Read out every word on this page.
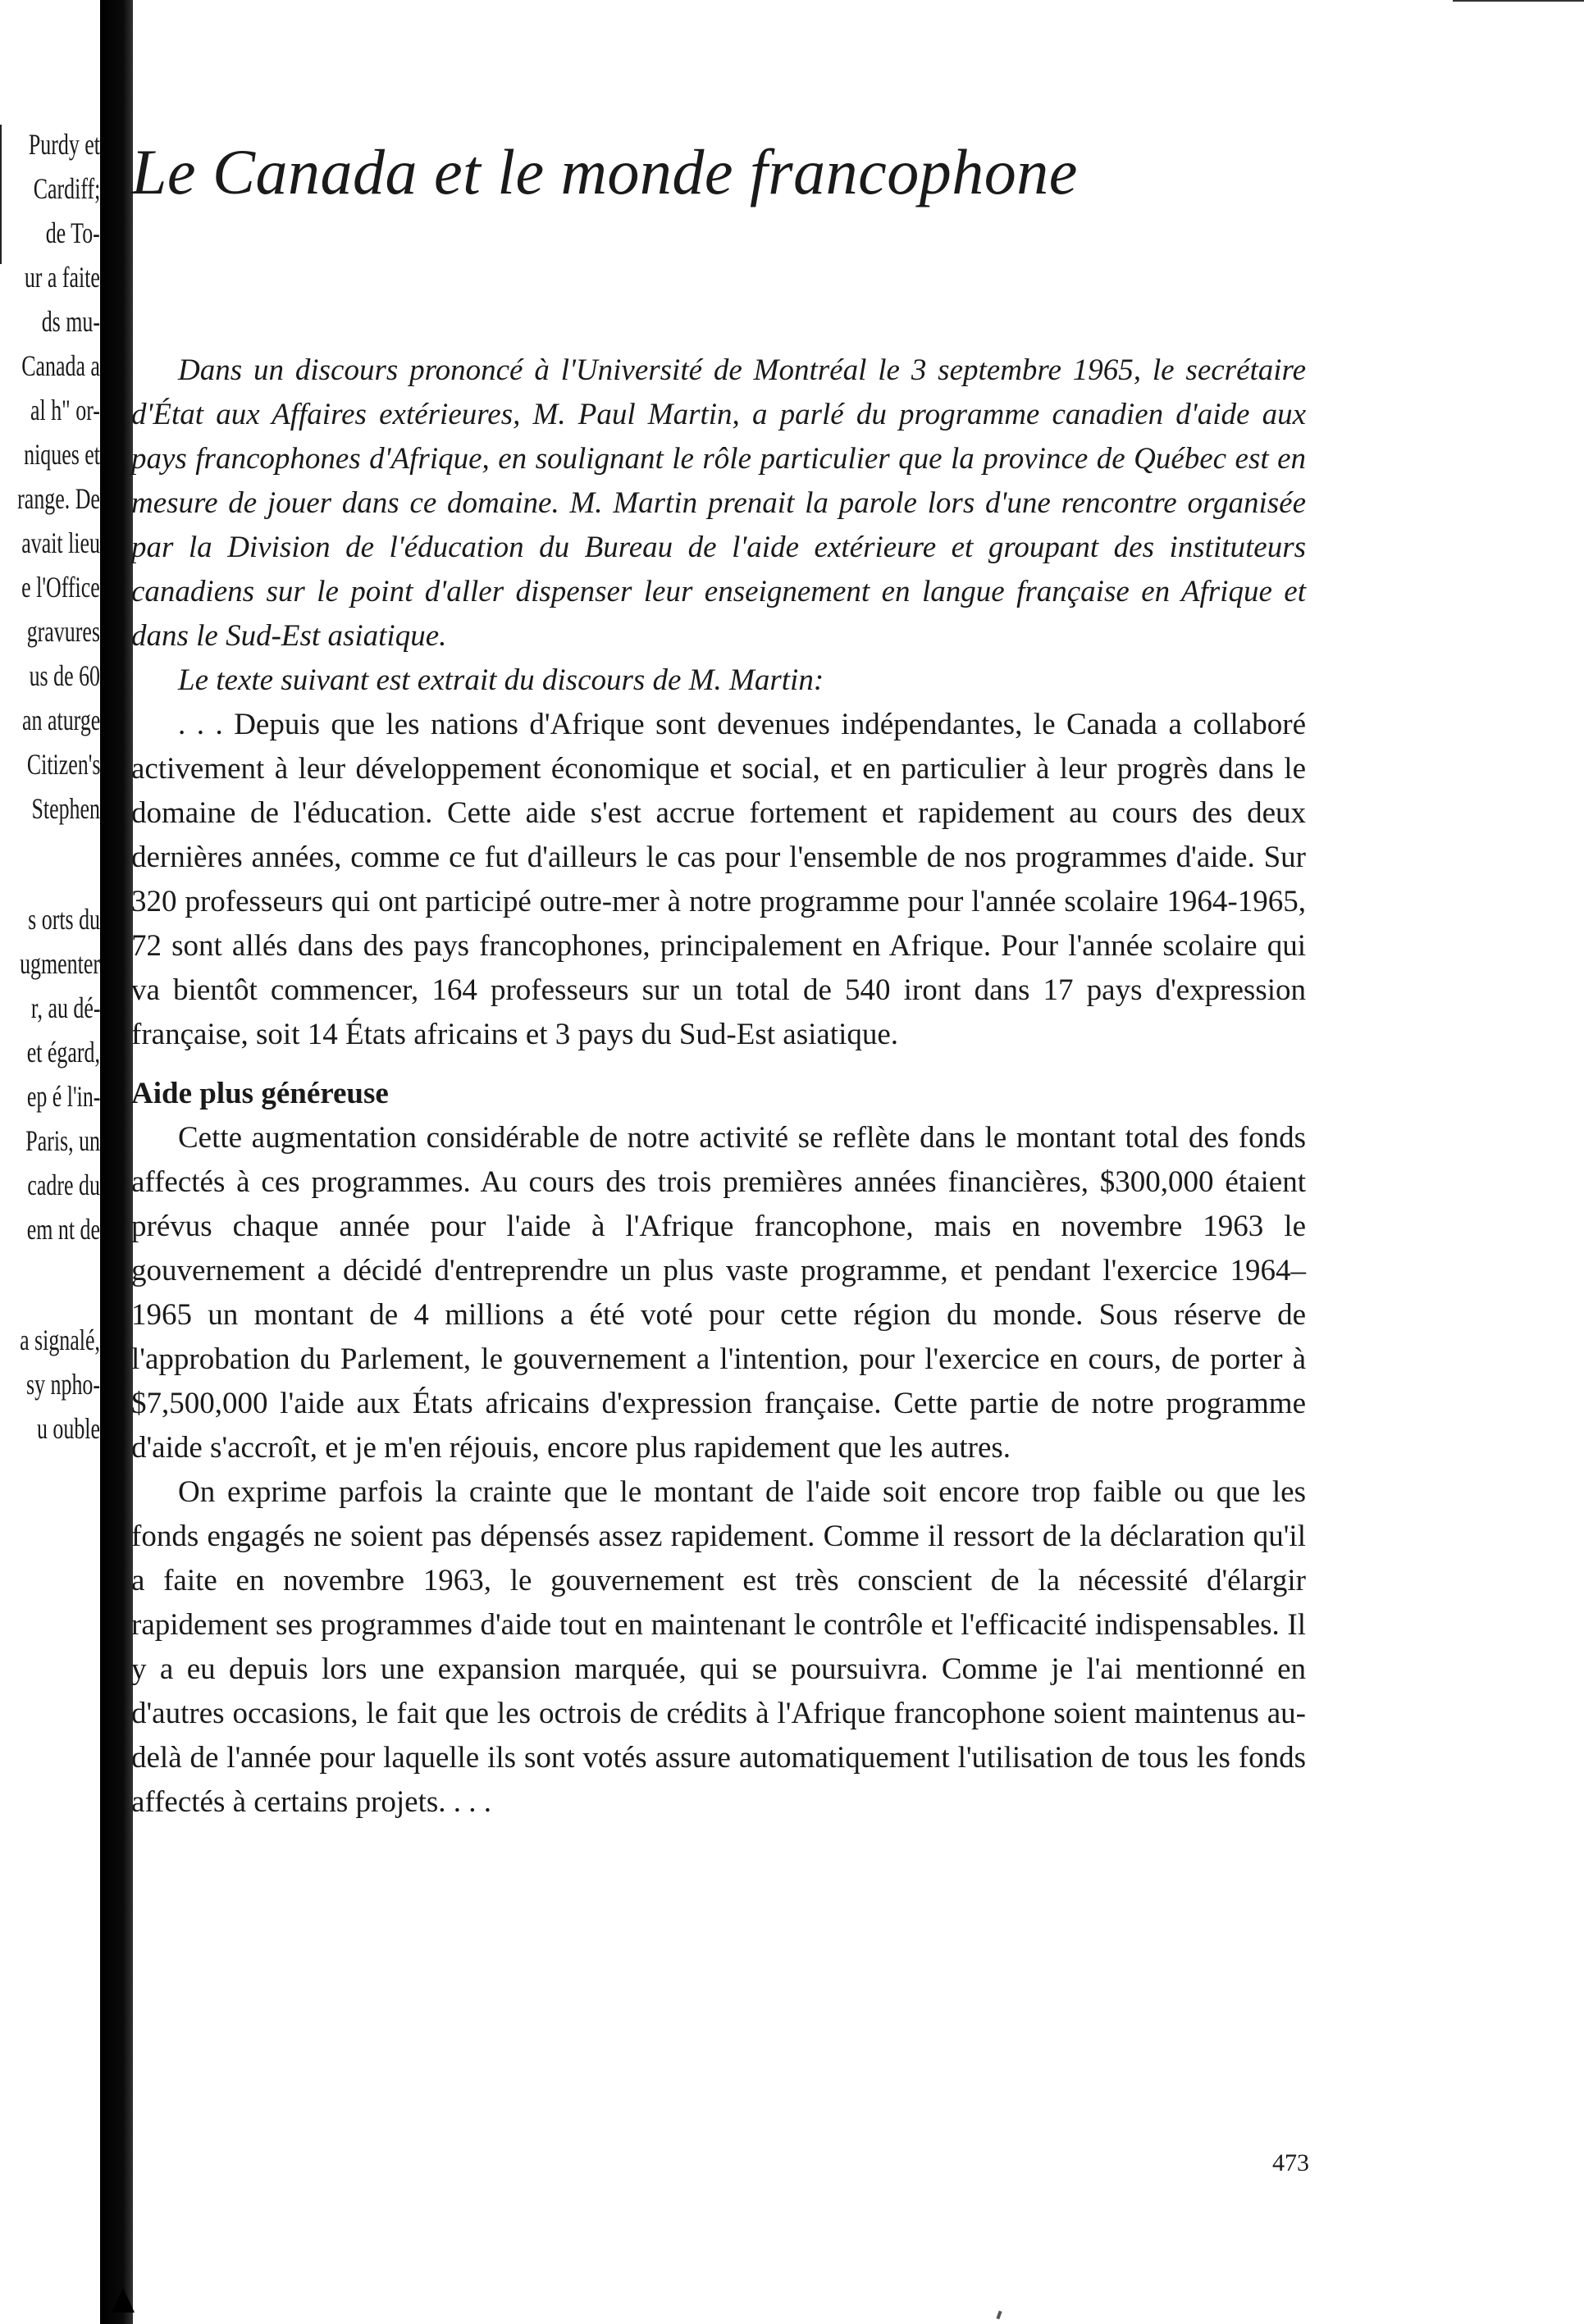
Purdy et
Cardiff;
de To-
ur a faite
ds mu-
Canada a
al h" or-
niques et
range. De
avait lieu
e l'Office
gravures
us de 60
an aturge
Citizen's
Stephen
s orts du
ugmenter
r, au dé-
et égard,
ep é l'in-
Paris, un
cadre du
em nt de
a signalé,
sy npho-
u ouble
Le Canada et le monde francophone
Dans un discours prononcé à l'Université de Montréal le 3 septembre 1965, le secrétaire d'État aux Affaires extérieures, M. Paul Martin, a parlé du programme canadien d'aide aux pays francophones d'Afrique, en soulignant le rôle particulier que la province de Québec est en mesure de jouer dans ce domaine. M. Martin prenait la parole lors d'une rencontre organisée par la Division de l'éducation du Bureau de l'aide extérieure et groupant des instituteurs canadiens sur le point d'aller dispenser leur enseignement en langue française en Afrique et dans le Sud-Est asiatique.
Le texte suivant est extrait du discours de M. Martin:

. . . Depuis que les nations d'Afrique sont devenues indépendantes, le Canada a collaboré activement à leur développement économique et social, et en particulier à leur progrès dans le domaine de l'éducation. Cette aide s'est accrue fortement et rapidement au cours des deux dernières années, comme ce fut d'ailleurs le cas pour l'ensemble de nos programmes d'aide. Sur 320 professeurs qui ont participé outre-mer à notre programme pour l'année scolaire 1964-1965, 72 sont allés dans des pays francophones, principalement en Afrique. Pour l'année scolaire qui va bientôt commencer, 164 professeurs sur un total de 540 iront dans 17 pays d'expression française, soit 14 États africains et 3 pays du Sud-Est asiatique.

Aide plus généreuse

Cette augmentation considérable de notre activité se reflète dans le montant total des fonds affectés à ces programmes. Au cours des trois premières années financières, $300,000 étaient prévus chaque année pour l'aide à l'Afrique francophone, mais en novembre 1963 le gouvernement a décidé d'entreprendre un plus vaste programme, et pendant l'exercice 1964–1965 un montant de 4 millions a été voté pour cette région du monde. Sous réserve de l'approbation du Parlement, le gouvernement a l'intention, pour l'exercice en cours, de porter à $7,500,000 l'aide aux États africains d'expression française. Cette partie de notre programme d'aide s'accroît, et je m'en réjouis, encore plus rapidement que les autres.

On exprime parfois la crainte que le montant de l'aide soit encore trop faible ou que les fonds engagés ne soient pas dépensés assez rapidement. Comme il ressort de la déclaration qu'il a faite en novembre 1963, le gouvernement est très conscient de la nécessité d'élargir rapidement ses programmes d'aide tout en maintenant le contrôle et l'efficacité indispensables. Il y a eu depuis lors une expansion marquée, qui se poursuivra. Comme je l'ai mentionné en d'autres occasions, le fait que les octrois de crédits à l'Afrique francophone soient maintenus au-delà de l'année pour laquelle ils sont votés assure automatiquement l'utilisation de tous les fonds affectés à certains projets. . . .

473
